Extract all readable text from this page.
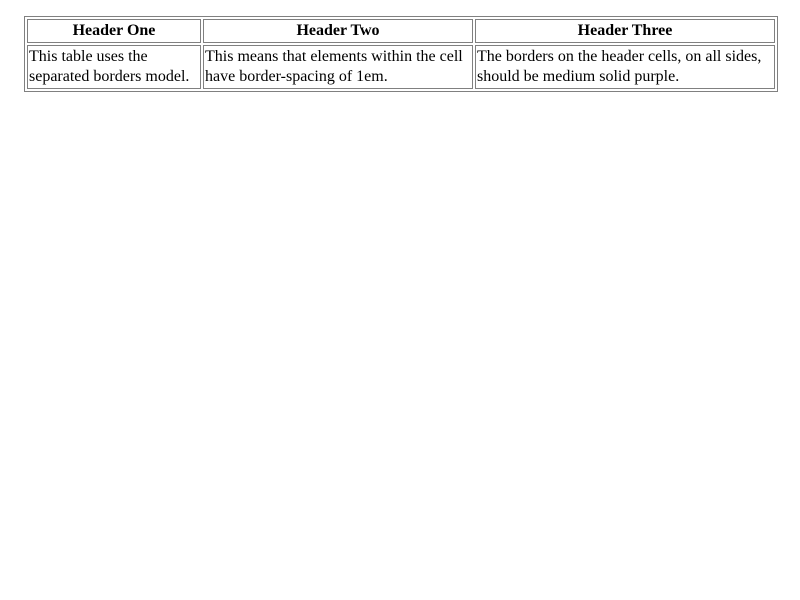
Header One	Header Two	Header Three
This table uses the separated borders model.	This means that elements within the cell have border-spacing of 1em.	The borders on the header cells, on all sides, should be medium solid purple.
